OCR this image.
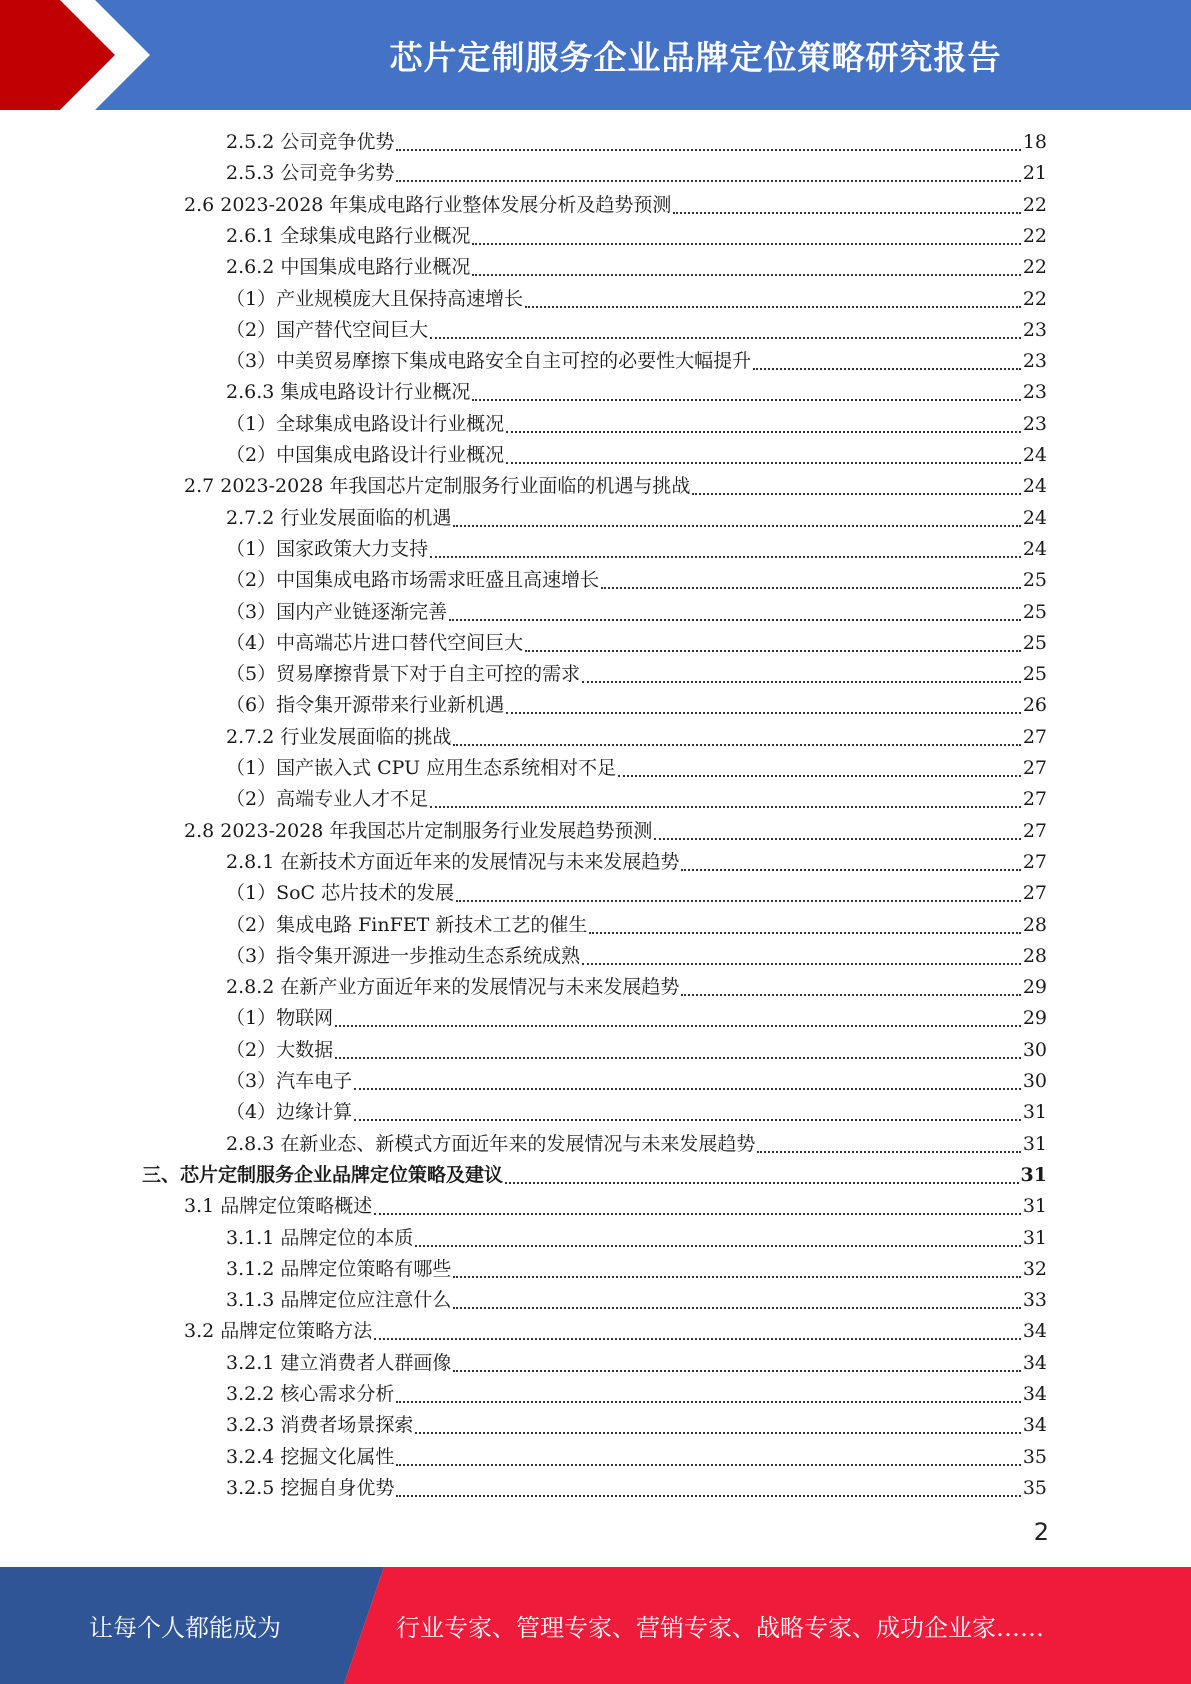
芯片定制服务企业品牌定位策略研究报告
2.5.2 公司竞争优势	18
2.5.3 公司竞争劣势	21
2.6 2023-2028 年集成电路行业整体发展分析及趋势预测	22
2.6.1 全球集成电路行业概况	22
2.6.2 中国集成电路行业概况	22
（1）产业规模庞大且保持高速增长	22
（2）国产替代空间巨大	23
（3）中美贸易摩擦下集成电路安全自主可控的必要性大幅提升	23
2.6.3 集成电路设计行业概况	23
（1）全球集成电路设计行业概况	23
（2）中国集成电路设计行业概况	24
2.7 2023-2028 年我国芯片定制服务行业面临的机遇与挑战	24
2.7.2 行业发展面临的机遇	24
（1）国家政策大力支持	24
（2）中国集成电路市场需求旺盛且高速增长	25
（3）国内产业链逐渐完善	25
（4）中高端芯片进口替代空间巨大	25
（5）贸易摩擦背景下对于自主可控的需求	25
（6）指令集开源带来行业新机遇	26
2.7.2 行业发展面临的挑战	27
（1）国产嵌入式 CPU 应用生态系统相对不足	27
（2）高端专业人才不足	27
2.8 2023-2028 年我国芯片定制服务行业发展趋势预测	27
2.8.1 在新技术方面近年来的发展情况与未来发展趋势	27
（1）SoC 芯片技术的发展	27
（2）集成电路 FinFET 新技术工艺的催生	28
（3）指令集开源进一步推动生态系统成熟	28
2.8.2 在新产业方面近年来的发展情况与未来发展趋势	29
（1）物联网	29
（2）大数据	30
（3）汽车电子	30
（4）边缘计算	31
2.8.3 在新业态、新模式方面近年来的发展情况与未来发展趋势	31
三、芯片定制服务企业品牌定位策略及建议	31
3.1 品牌定位策略概述	31
3.1.1 品牌定位的本质	31
3.1.2 品牌定位策略有哪些	32
3.1.3 品牌定位应注意什么	33
3.2 品牌定位策略方法	34
3.2.1 建立消费者人群画像	34
3.2.2 核心需求分析	34
3.2.3 消费者场景探索	34
3.2.4 挖掘文化属性	35
3.2.5 挖掘自身优势	35
2
让每个人都能成为	行业专家、管理专家、营销专家、战略专家、成功企业家……
